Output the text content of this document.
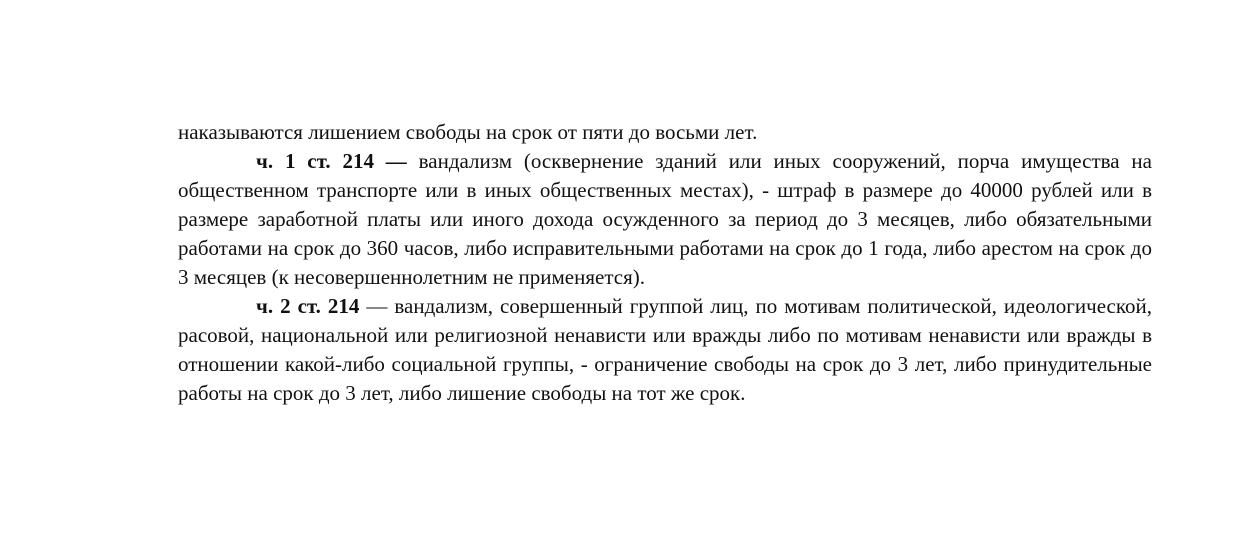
наказываются лишением свободы на срок от пяти до восьми лет.

ч. 1 ст. 214 — вандализм (осквернение зданий или иных сооружений, порча имущества на общественном транспорте или в иных общественных местах), - штраф в размере до 40000 рублей или в размере заработной платы или иного дохода осужденного за период до 3 месяцев, либо обязательными работами на срок до 360 часов, либо исправительными работами на срок до 1 года, либо арестом на срок до 3 месяцев (к несовершеннолетним не применяется).

ч. 2 ст. 214 — вандализм, совершенный группой лиц, по мотивам политической, идеологической, расовой, национальной или религиозной ненависти или вражды либо по мотивам ненависти или вражды в отношении какой-либо социальной группы, - ограничение свободы на срок до 3 лет, либо принудительные работы на срок до 3 лет, либо лишение свободы на тот же срок.
